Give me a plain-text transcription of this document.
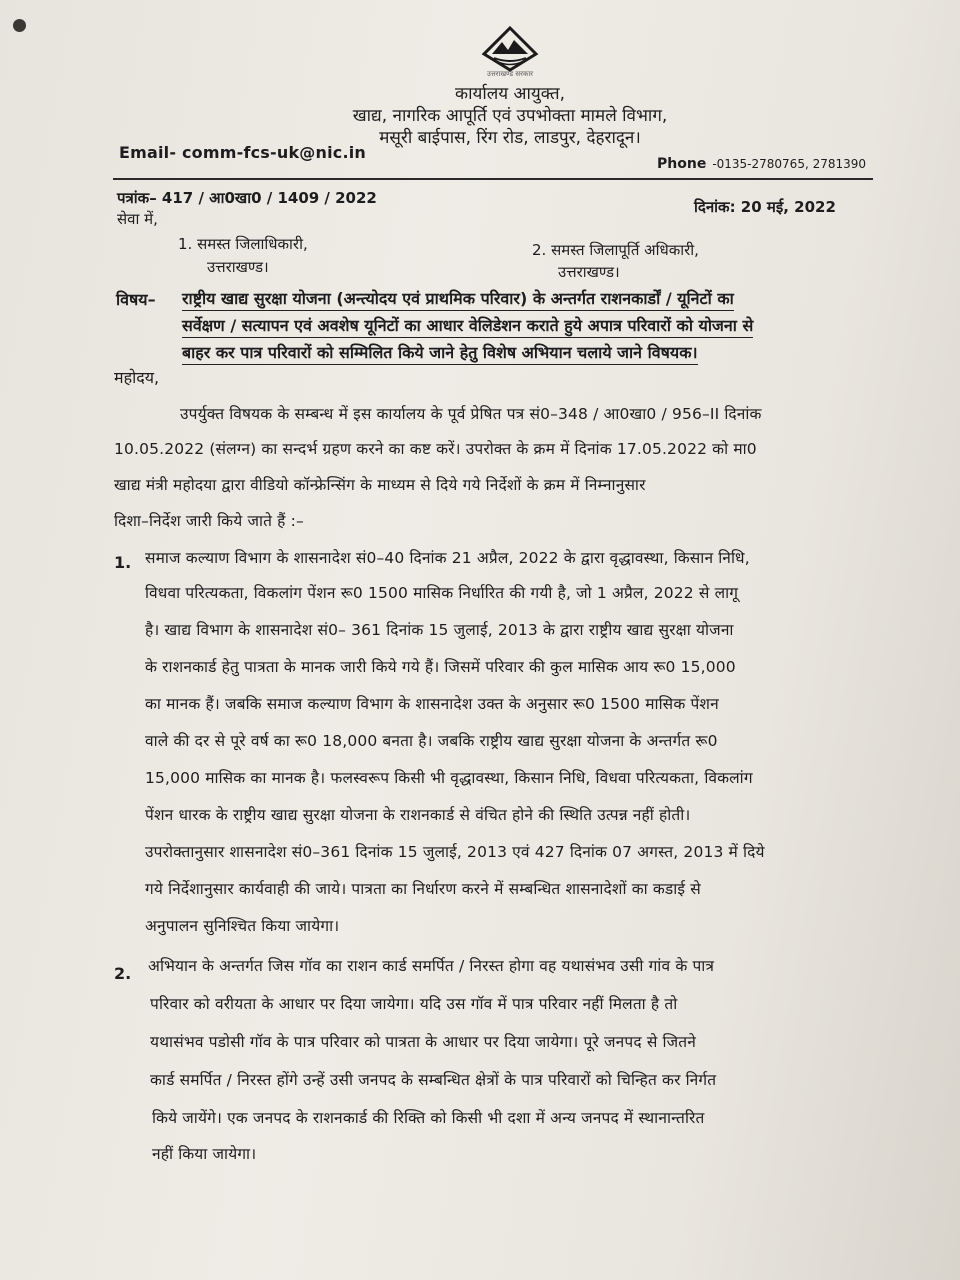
उत्तराखण्ड सरकार
कार्यालय आयुक्त,
खाद्य, नागरिक आपूर्ति एवं उपभोक्ता मामले विभाग,
मसूरी बाईपास, रिंग रोड, लाडपुर, देहरादून।
Email- comm-fcs-uk@nic.in
Phone -0135-2780765, 2781390
पत्रांक– 417 / आ0खा0 / 1409 / 2022	दिनांक: 20 मई, 2022
सेवा में,
1. समस्त जिलाधिकारी,
उत्तराखण्ड।
2. समस्त जिलापूर्ति अधिकारी,
उत्तराखण्ड।
विषय– राष्ट्रीय खाद्य सुरक्षा योजना (अन्त्योदय एवं प्राथमिक परिवार) के अन्तर्गत राशनकार्डों / यूनिटों का
सर्वेक्षण / सत्यापन एवं अवशेष यूनिटों का आधार वेलिडेशन कराते हुये अपात्र परिवारों को योजना से
बाहर कर पात्र परिवारों को सम्मिलित किये जाने हेतु विशेष अभियान चलाये जाने विषयक।
महोदय,
उपर्युक्त विषयक के सम्बन्ध में इस कार्यालय के पूर्व प्रेषित पत्र सं0–348 / आ0खा0 / 956–II दिनांक
10.05.2022 (संलग्न) का सन्दर्भ ग्रहण करने का कष्ट करें। उपरोक्त के क्रम में दिनांक 17.05.2022 को मा0
खाद्य मंत्री महोदया द्वारा वीडियो कॉन्फ्रेन्सिंग के माध्यम से दिये गये निर्देशों के क्रम में निम्नानुसार
दिशा–निर्देश जारी किये जाते हैं :–
1. समाज कल्याण विभाग के शासनादेश सं0–40 दिनांक 21 अप्रैल, 2022 के द्वारा वृद्धावस्था, किसान निधि,
विधवा परित्यकता, विकलांग पेंशन रू0 1500 मासिक निर्धारित की गयी है, जो 1 अप्रैल, 2022 से लागू
है। खाद्य विभाग के शासनादेश सं0– 361 दिनांक 15 जुलाई, 2013 के द्वारा राष्ट्रीय खाद्य सुरक्षा योजना
के राशनकार्ड हेतु पात्रता के मानक जारी किये गये हैं। जिसमें परिवार की कुल मासिक आय रू0 15,000
का मानक हैं। जबकि समाज कल्याण विभाग के शासनादेश उक्त के अनुसार रू0 1500 मासिक पेंशन
वाले की दर से पूरे वर्ष का रू0 18,000 बनता है। जबकि राष्ट्रीय खाद्य सुरक्षा योजना के अन्तर्गत रू0
15,000 मासिक का मानक है। फलस्वरूप किसी भी वृद्धावस्था, किसान निधि, विधवा परित्यकता, विकलांग
पेंशन धारक के राष्ट्रीय खाद्य सुरक्षा योजना के राशनकार्ड से वंचित होने की स्थिति उत्पन्न नहीं होती।
उपरोक्तानुसार शासनादेश सं0–361 दिनांक 15 जुलाई, 2013 एवं 427 दिनांक 07 अगस्त, 2013 में दिये
गये निर्देशानुसार कार्यवाही की जाये। पात्रता का निर्धारण करने में सम्बन्धित शासनादेशों का कडाई से
अनुपालन सुनिश्चित किया जायेगा।
2. अभियान के अन्तर्गत जिस गॉव का राशन कार्ड समर्पित / निरस्त होगा वह यथासंभव उसी गांव के पात्र
परिवार को वरीयता के आधार पर दिया जायेगा। यदि उस गॉव में पात्र परिवार नहीं मिलता है तो
यथासंभव पडोसी गॉव के पात्र परिवार को पात्रता के आधार पर दिया जायेगा। पूरे जनपद से जितने
कार्ड समर्पित / निरस्त होंगे उन्हें उसी जनपद के सम्बन्धित क्षेत्रों के पात्र परिवारों को चिन्हित कर निर्गत
किये जायेंगे। एक जनपद के राशनकार्ड की रिक्ति को किसी भी दशा में अन्य जनपद में स्थानान्तरित
नहीं किया जायेगा।
